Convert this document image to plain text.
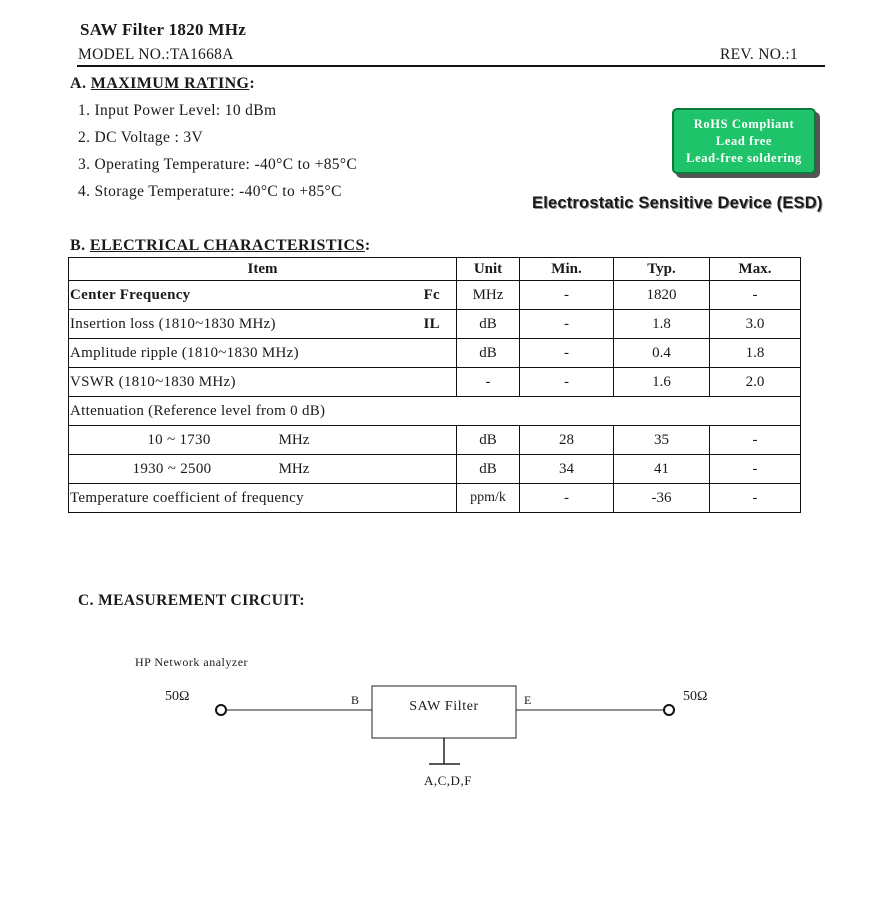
SAW Filter 1820 MHz
MODEL NO.:TA1668A	REV. NO.:1
A. MAXIMUM RATING:
1. Input Power Level: 10 dBm
2. DC Voltage : 3V
3. Operating Temperature: -40°C to +85°C
4. Storage Temperature: -40°C to +85°C
RoHS Compliant
Lead free
Lead-free soldering
Electrostatic Sensitive Device (ESD)
B. ELECTRICAL CHARACTERISTICS:
Item	Unit	Min.	Typ.	Max.
Center Frequency Fc	MHz	-	1820	-
Insertion loss (1810~1830 MHz) IL	dB	-	1.8	3.0
Amplitude ripple (1810~1830 MHz)	dB	-	0.4	1.8
VSWR (1810~1830 MHz)	-	-	1.6	2.0
Attenuation (Reference level from 0 dB)				
10 ~ 1730 MHz	dB	28	35	-
1930 ~ 2500 MHz	dB	34	41	-
Temperature coefficient of frequency	ppm/k	-	-36	-
C. MEASUREMENT CIRCUIT:
HP Network analyzer
50Ω	50Ω
B	E
SAW Filter
A,C,D,F
